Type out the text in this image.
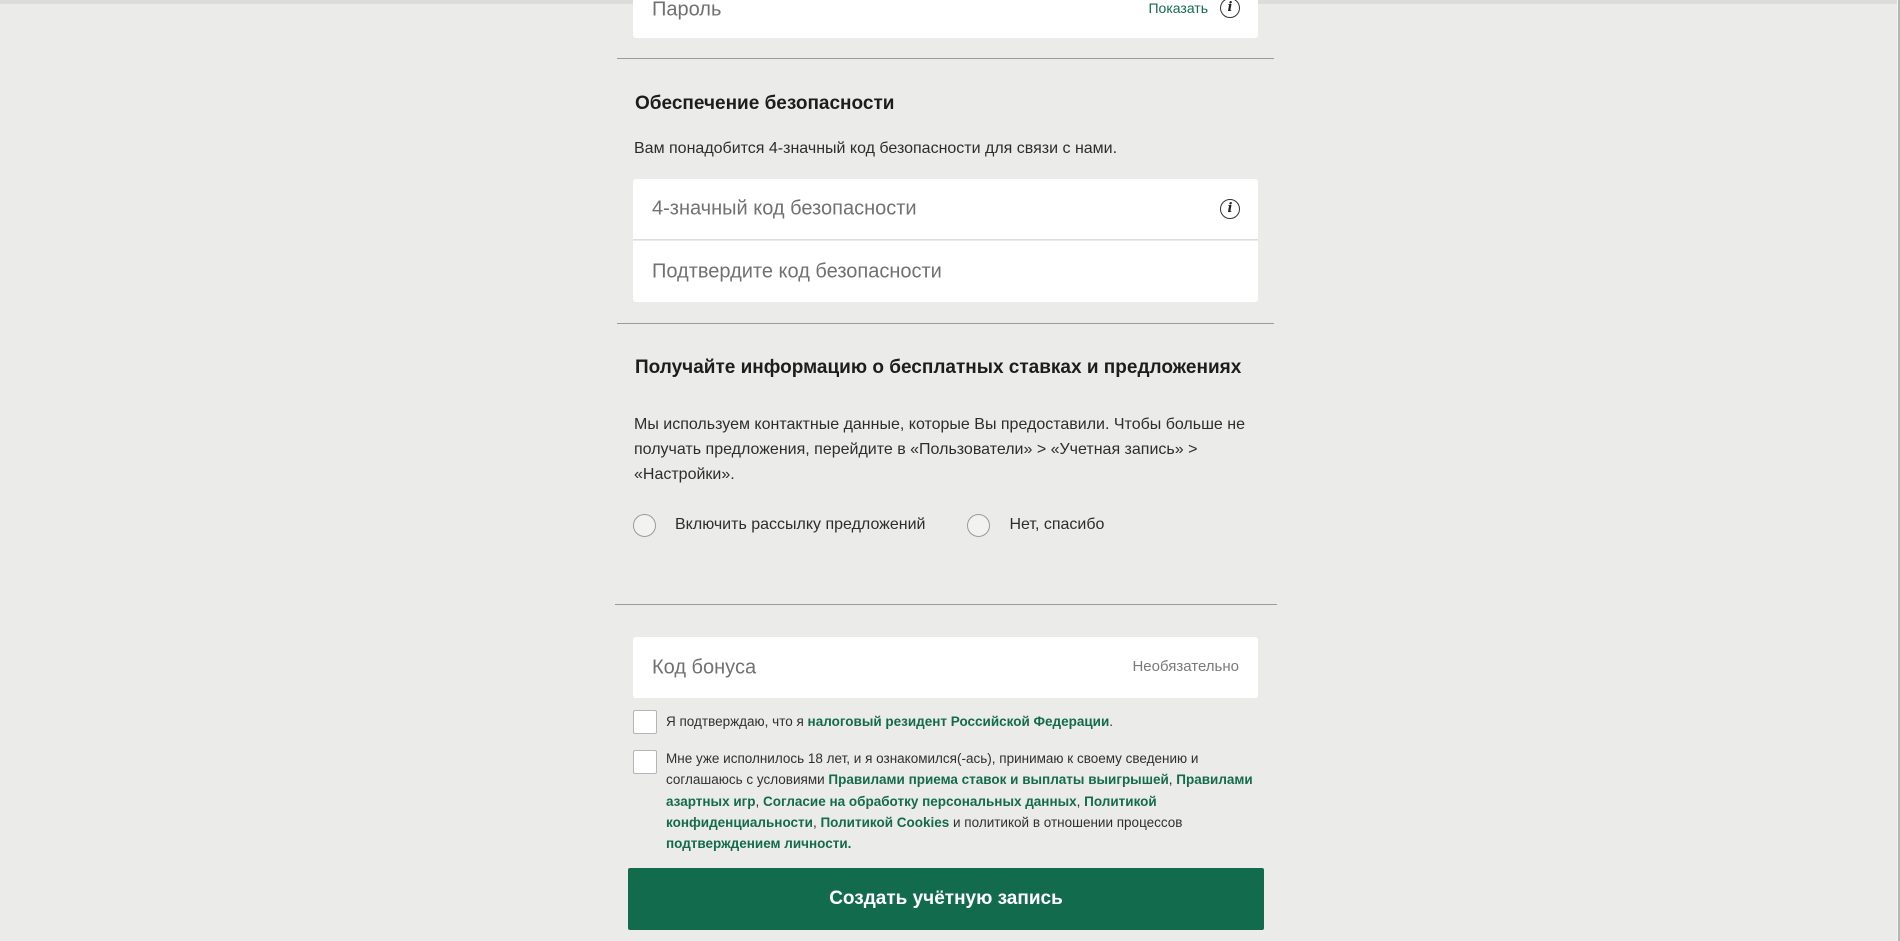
Пароль	Показать	i
Обеспечение безопасности
Вам понадобится 4-значный код безопасности для связи с нами.
4-значный код безопасности	i
Подтвердите код безопасности
Получайте информацию о бесплатных ставках и предложениях
Мы используем контактные данные, которые Вы предоставили. Чтобы больше не
получать предложения, перейдите в «Пользователи» > «Учетная запись» >
«Настройки».
Включить рассылку предложений	Нет, спасибо
Код бонуса	Необязательно
Я подтверждаю, что я налоговый резидент Российской Федерации.
Мне уже исполнилось 18 лет, и я ознакомился(-ась), принимаю к своему сведению и соглашаюсь с условиями Правилами приема ставок и выплаты выигрышей, Правилами азартных игр, Согласие на обработку персональных данных, Политикой конфиденциальности, Политикой Cookies и политикой в отношении процессов подтверждением личности.
Создать учётную запись
